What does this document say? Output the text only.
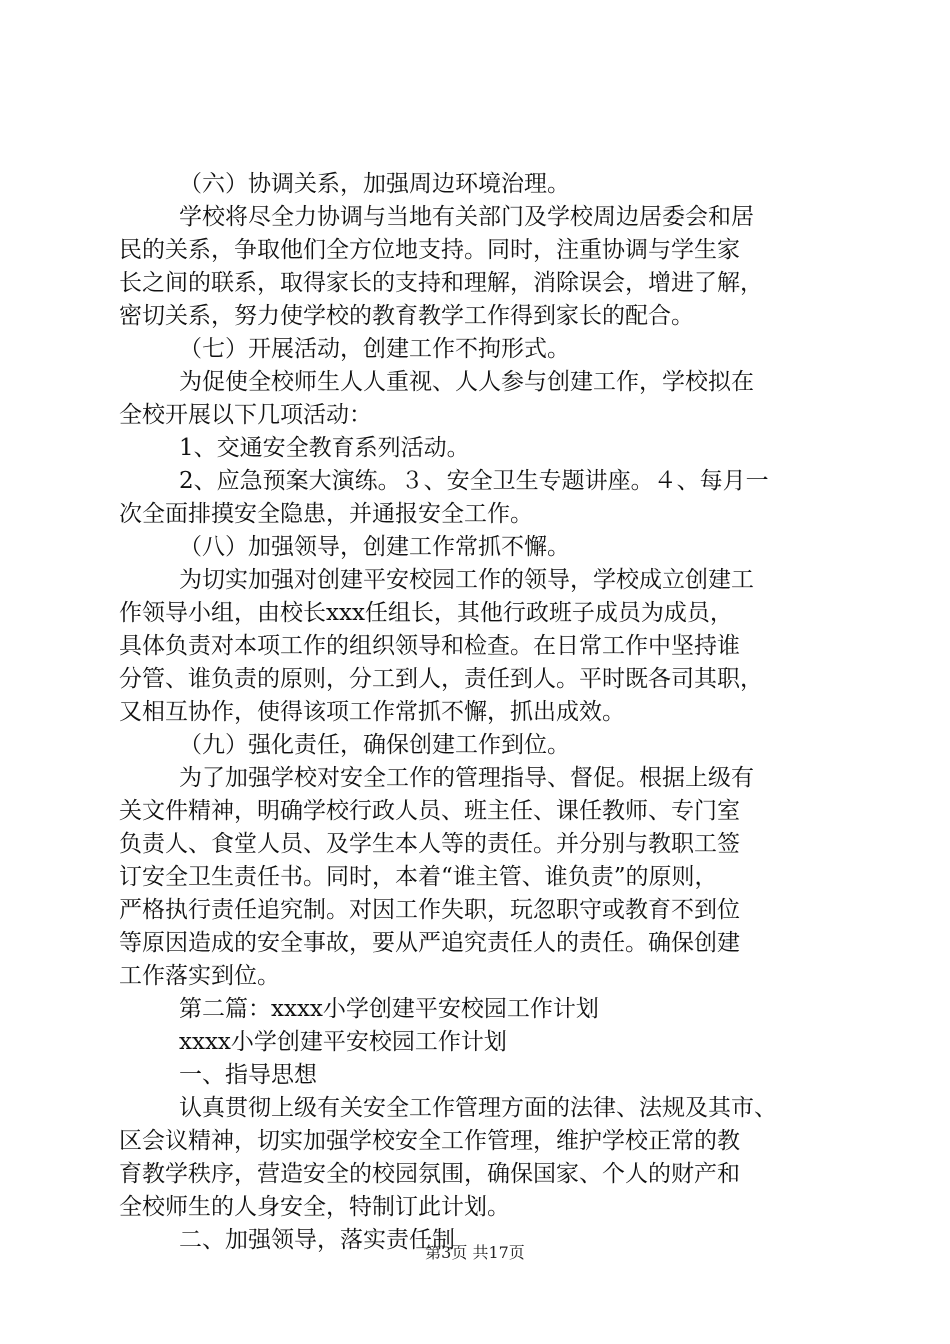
（六）协调关系，加强周边环境治理。
学校将尽全力协调与当地有关部门及学校周边居委会和居
民的关系，争取他们全方位地支持。同时，注重协调与学生家
长之间的联系，取得家长的支持和理解，消除误会，增进了解，
密切关系，努力使学校的教育教学工作得到家长的配合。
（七）开展活动，创建工作不拘形式。
为促使全校师生人人重视、人人参与创建工作，学校拟在
全校开展以下几项活动：
1、交通安全教育系列活动。
2、应急预案大演练。３、安全卫生专题讲座。４、每月一
次全面排摸安全隐患，并通报安全工作。
（八）加强领导，创建工作常抓不懈。
为切实加强对创建平安校园工作的领导，学校成立创建工
作领导小组，由校长xxx任组长，其他行政班子成员为成员，
具体负责对本项工作的组织领导和检查。在日常工作中坚持谁
分管、谁负责的原则，分工到人，责任到人。平时既各司其职，
又相互协作，使得该项工作常抓不懈，抓出成效。
（九）强化责任，确保创建工作到位。
为了加强学校对安全工作的管理指导、督促。根据上级有
关文件精神，明确学校行政人员、班主任、课任教师、专门室
负责人、食堂人员、及学生本人等的责任。并分别与教职工签
订安全卫生责任书。同时，本着“谁主管、谁负责”的原则，
严格执行责任追究制。对因工作失职，玩忽职守或教育不到位
等原因造成的安全事故，要从严追究责任人的责任。确保创建
工作落实到位。
第二篇：xxxx小学创建平安校园工作计划
xxxx小学创建平安校园工作计划
一、指导思想
认真贯彻上级有关安全工作管理方面的法律、法规及其市、
区会议精神，切实加强学校安全工作管理，维护学校正常的教
育教学秩序，营造安全的校园氛围，确保国家、个人的财产和
全校师生的人身安全，特制订此计划。
二、加强领导，落实责任制
第3页 共17页
